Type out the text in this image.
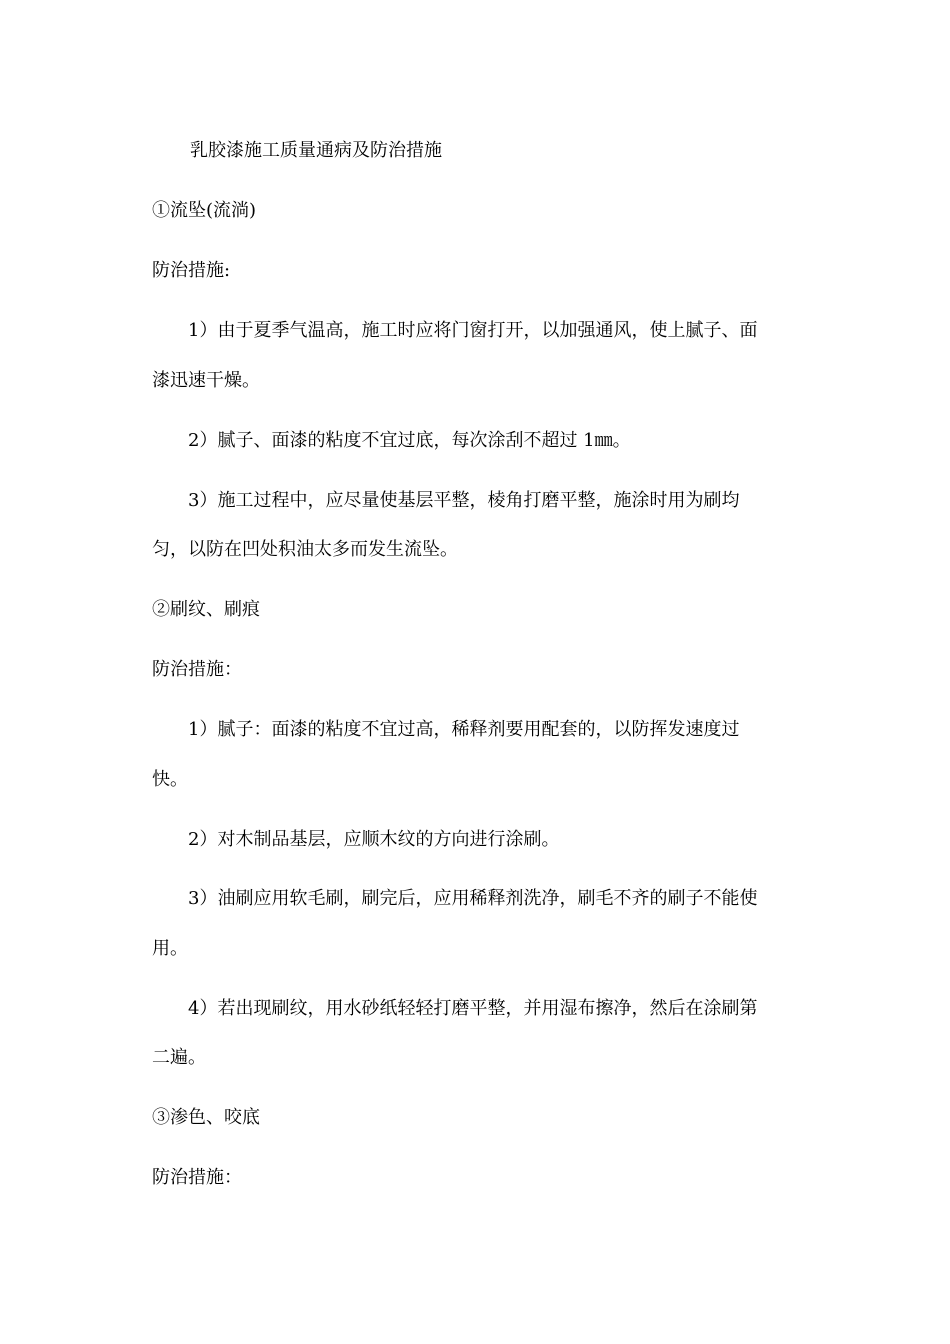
乳胶漆施工质量通病及防治措施
①流坠(流淌)
防治措施:
1）由于夏季气温高，施工时应将门窗打开，以加强通风，使上腻子、面
漆迅速干燥。
2）腻子、面漆的粘度不宜过底，每次涂刮不超过 1㎜。
3）施工过程中，应尽量使基层平整，棱角打磨平整，施涂时用为刷均
匀，以防在凹处积油太多而发生流坠。
②刷纹、刷痕
防治措施：
1）腻子：面漆的粘度不宜过高，稀释剂要用配套的，以防挥发速度过
快。
2）对木制品基层，应顺木纹的方向进行涂刷。
3）油刷应用软毛刷，刷完后，应用稀释剂洗净，刷毛不齐的刷子不能使
用。
4）若出现刷纹，用水砂纸轻轻打磨平整，并用湿布擦净，然后在涂刷第
二遍。
③渗色、咬底
防治措施：
